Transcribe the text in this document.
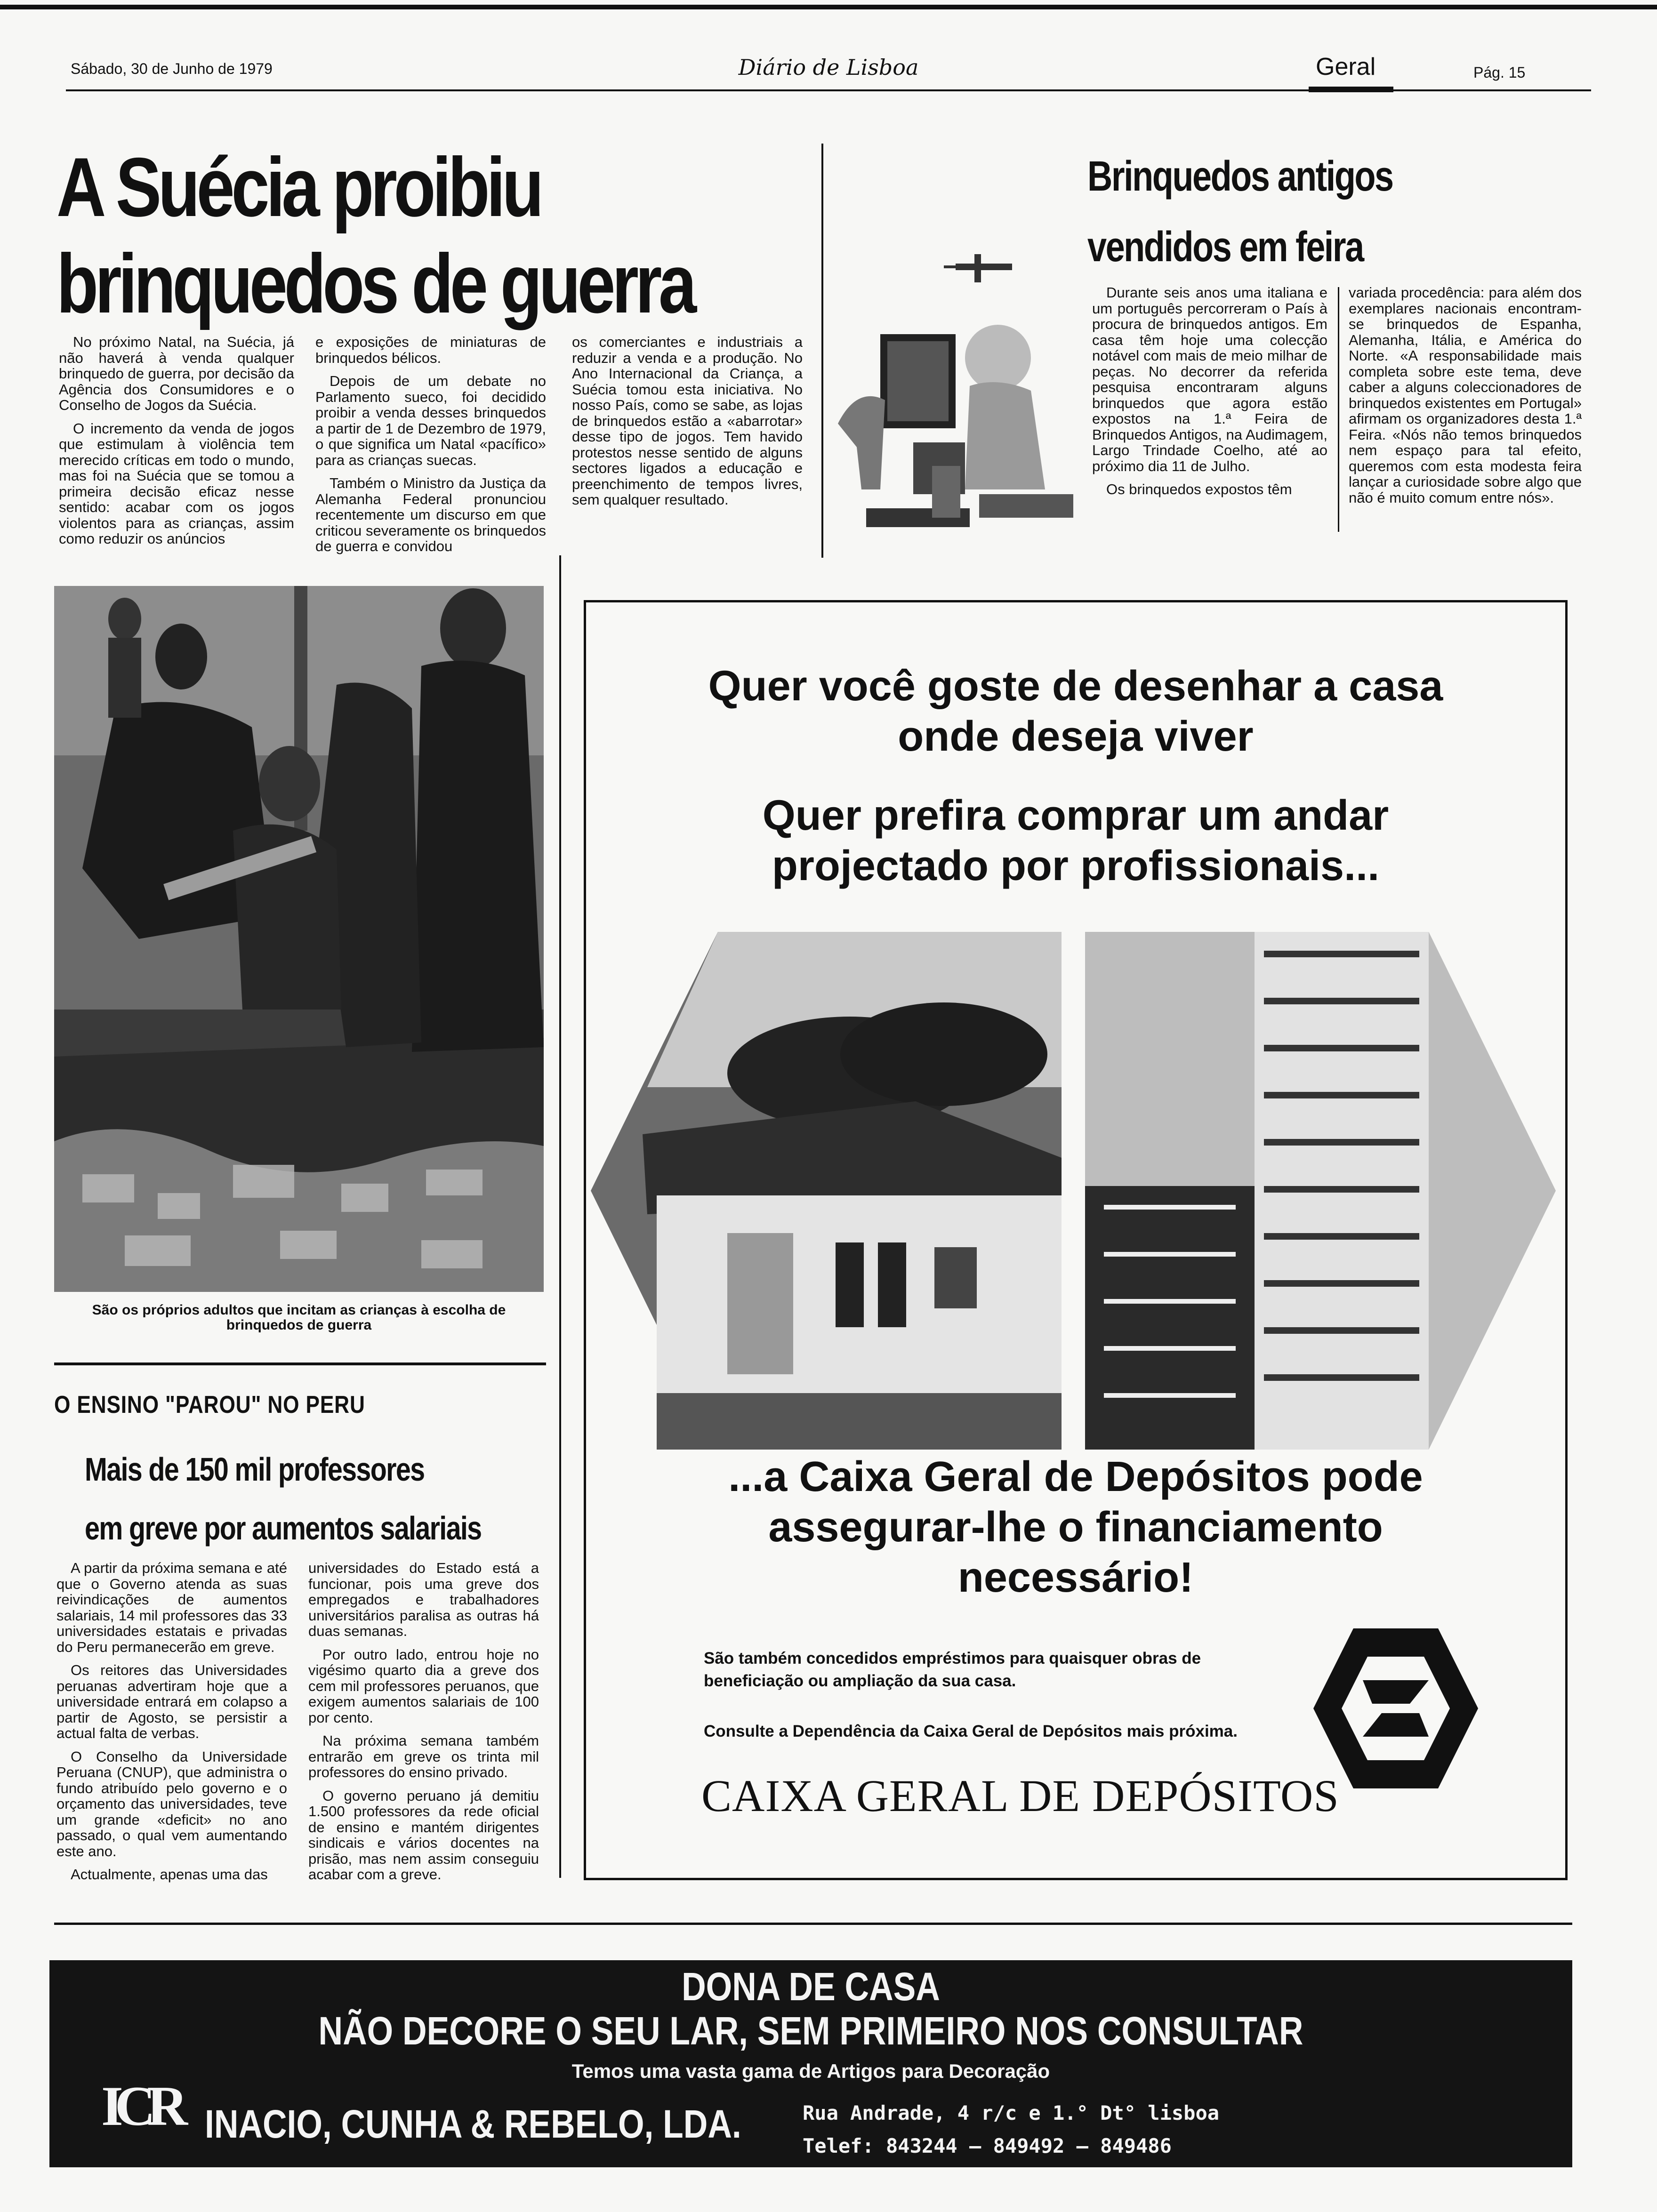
Sábado, 30 de Junho de 1979	Diário de Lisboa	Geral	Pág. 15
A Suécia proibiu
brinquedos de guerra

No próximo Natal, na Suécia, já não haverá à venda qualquer brinquedo de guerra, por decisão da Agência dos Consumidores e o Conselho de Jogos da Suécia.

O incremento da venda de jogos que estimulam à violência tem merecido críticas em todo o mundo, mas foi na Suécia que se tomou a primeira decisão eficaz nesse sentido: acabar com os jogos violentos para as crianças, assim como reduzir os anúncios

e exposições de miniaturas de brinquedos bélicos.

Depois de um debate no Parlamento sueco, foi decidido proibir a venda desses brinquedos a partir de 1 de Dezembro de 1979, o que significa um Natal «pacífico» para as crianças suecas.

Também o Ministro da Justiça da Alemanha Federal pronunciou recentemente um discurso em que criticou severamente os brinquedos de guerra e convidou

os comerciantes e industriais a reduzir a venda e a produção. No Ano Internacional da Criança, a Suécia tomou esta iniciativa. No nosso País, como se sabe, as lojas de brinquedos estão a «abarrotar» desse tipo de jogos. Tem havido protestos nesse sentido de alguns sectores ligados a educação e preenchimento de tempos livres, sem qualquer resultado.

São os próprios adultos que incitam as crianças à escolha de brinquedos de guerra
O ENSINO "PAROU" NO PERU
Mais de 150 mil professores
em greve por aumentos salariais

A partir da próxima semana e até que o Governo atenda as suas reivindicações de aumentos salariais, 14 mil professores das 33 universidades estatais e privadas do Peru permanecerão em greve.

Os reitores das Universidades peruanas advertiram hoje que a universidade entrará em colapso a partir de Agosto, se persistir a actual falta de verbas.

O Conselho da Universidade Peruana (CNUP), que administra o fundo atribuído pelo governo e o orçamento das universidades, teve um grande «deficit» no ano passado, o qual vem aumentando este ano.

Actualmente, apenas uma das

universidades do Estado está a funcionar, pois uma greve dos empregados e trabalhadores universitários paralisa as outras há duas semanas.

Por outro lado, entrou hoje no vigésimo quarto dia a greve dos cem mil professores peruanos, que exigem aumentos salariais de 100 por cento.

Na próxima semana também entrarão em greve os trinta mil professores do ensino privado.

O governo peruano já demitiu 1.500 professores da rede oficial de ensino e mantém dirigentes sindicais e vários docentes na prisão, mas nem assim conseguiu acabar com a greve.

Brinquedos antigos
vendidos em feira

Durante seis anos uma italiana e um português percorreram o País à procura de brinquedos antigos. Em casa têm hoje uma colecção notável com mais de meio milhar de peças. No decorrer da referida pesquisa encontraram alguns brinquedos que agora estão expostos na 1.ª Feira de Brinquedos Antigos, na Audimagem, Largo Trindade Coelho, até ao próximo dia 11 de Julho.

Os brinquedos expostos têm

variada procedência: para além dos exemplares nacionais encontram-se brinquedos de Espanha, Alemanha, Itália, e América do Norte. «A responsabilidade mais completa sobre este tema, deve caber a alguns coleccionadores de brinquedos existentes em Portugal» afirmam os organizadores desta 1.ª Feira. «Nós não temos brinquedos nem espaço para tal efeito, queremos com esta modesta feira lançar a curiosidade sobre algo que não é muito comum entre nós».

Quer você goste de desenhar a casa
onde deseja viver
Quer prefira comprar um andar
projectado por profissionais...
...a Caixa Geral de Depósitos pode
assegurar-lhe o financiamento
necessário!
São também concedidos empréstimos para quaisquer obras de
beneficiação ou ampliação da sua casa.
Consulte a Dependência da Caixa Geral de Depósitos mais próxima.
CAIXA GERAL DE DEPÓSITOS
DONA DE CASA
NÃO DECORE O SEU LAR, SEM PRIMEIRO NOS CONSULTAR
Temos uma vasta gama de Artigos para Decoração
ICR INACIO, CUNHA & REBELO, LDA.	Rua Andrade, 4 r/c e 1.° Dt° lisboa
Telef: 843244 — 849492 — 849486
